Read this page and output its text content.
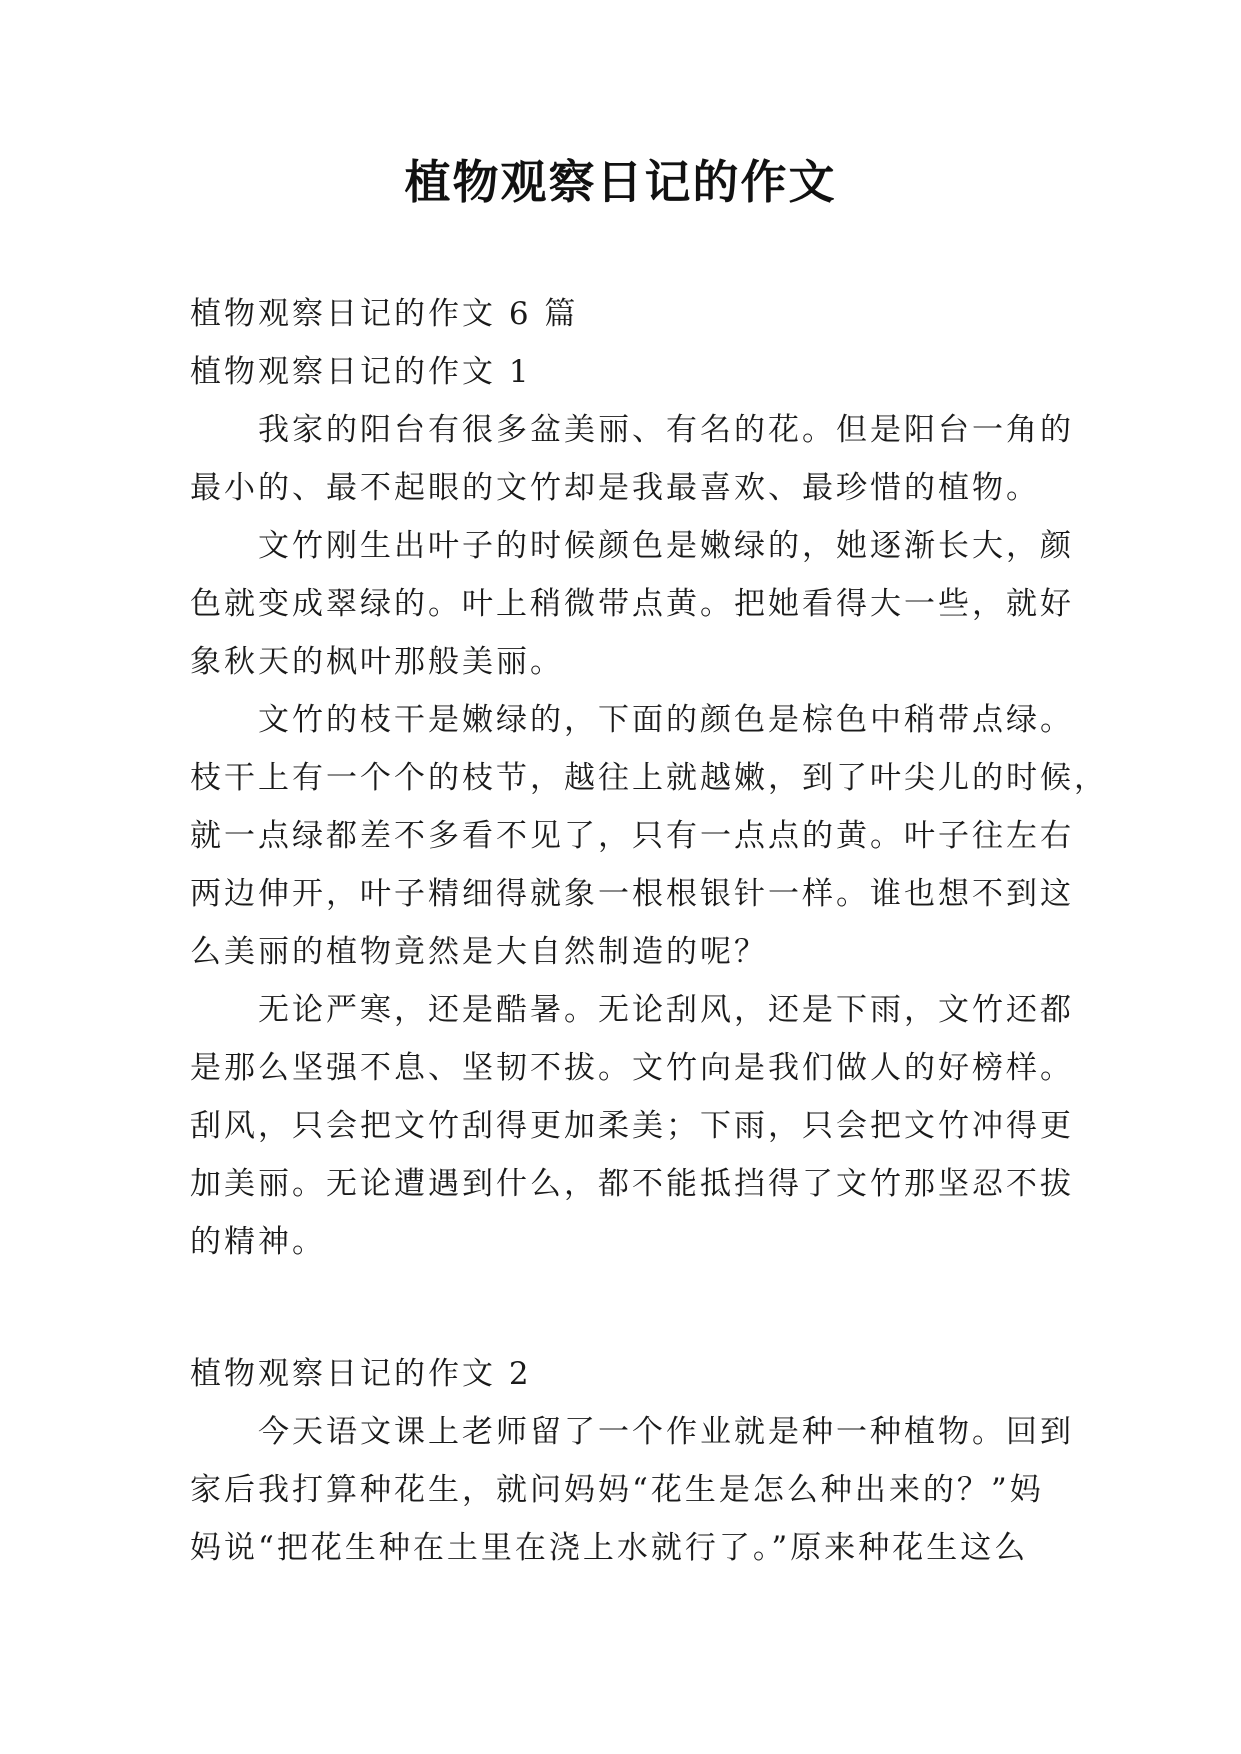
植物观察日记的作文
植物观察日记的作文 6 篇
植物观察日记的作文 1
我家的阳台有很多盆美丽、有名的花。但是阳台一角的
最小的、最不起眼的文竹却是我最喜欢、最珍惜的植物。
文竹刚生出叶子的时候颜色是嫩绿的，她逐渐长大，颜
色就变成翠绿的。叶上稍微带点黄。把她看得大一些，就好
象秋天的枫叶那般美丽。
文竹的枝干是嫩绿的，下面的颜色是棕色中稍带点绿。
枝干上有一个个的枝节，越往上就越嫩，到了叶尖儿的时候，
就一点绿都差不多看不见了，只有一点点的黄。叶子往左右
两边伸开，叶子精细得就象一根根银针一样。谁也想不到这
么美丽的植物竟然是大自然制造的呢？
无论严寒，还是酷暑。无论刮风，还是下雨，文竹还都
是那么坚强不息、坚韧不拔。文竹向是我们做人的好榜样。
刮风，只会把文竹刮得更加柔美；下雨，只会把文竹冲得更
加美丽。无论遭遇到什么，都不能抵挡得了文竹那坚忍不拔
的精神。
植物观察日记的作文 2
今天语文课上老师留了一个作业就是种一种植物。回到
家后我打算种花生，就问妈妈“花生是怎么种出来的？”妈
妈说“把花生种在土里在浇上水就行了。”原来种花生这么
